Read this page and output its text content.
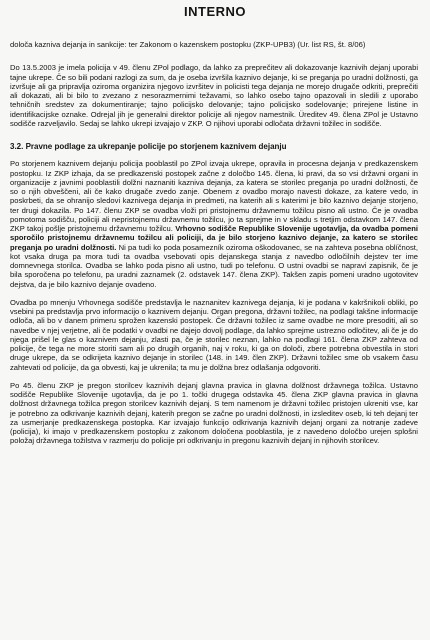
INTERNO

določa kaznivа dejanja in sankcije: ter Zakonom o kazenskem postopku (ZKP-UPB3) (Ur. list RS, št. 8/06)

Do 13.5.2003 je imela policija v 49. členu ZPol podlago, da lahko za preprečitev ali dokazovanje kaznivih dejanj uporabi tajne ukrepe. Če so bili podani razlogi za sum, da je oseba izvršila kaznivo dejanje, ki se preganja po uradni dolžnosti, ga izvršuje ali ga pripravlja oziroma organizira njegovo izvršitev in policisti tega dejanja ne morejo drugače odkriti, preprečiti ali dokazati, ali bi bilo to zvezano z nesorazmernimi težavami, so lahko osebo tajno opazovali in sledili z uporabo tehničnih sredstev za dokumentiranje; tajno policijsko delovanje; tajno policijsko sodelovanje; prirejene listine in identifikacijske oznake. Odrejal jih je generalni direktor policije ali njegov namestnik. Üreditev 49. člena ZPol je Ustavno sodišče razveljavilo. Sedaj se lahko ukrepi izvajajo v ZKP. O njihovi uporabi odločata državni tožilec in sodišče.

3.2. Pravne podlage za ukrepanje policije po storjenem kaznivem dejanju

Po storjenem kaznivem dejanju policija pooblastil po ZPol izvaja ukrepe, opravila in procesna dejanja v predkazenskem postopku. Iz ZKP izhaja, da se predkazenski postopek začne z določbo 145. člena, ki pravi, da so vsi državni organi in organizacije z javnimi pooblastili dolžni naznaniti kazniva dejanja, za katera se storilec preganja po uradni dolžnosti, če so o njih obveščeni, ali če kako drugače zvedo zanje. Obenem z ovadbo morajo navesti dokaze, za katere vedo, in poskrbeti, da se ohranijo sledovi kaznivega dejanja in predmeti, na katerih ali s katerimi je bilo kaznivo dejanje storjeno, ter drugi dokazila. Po 147. členu ZKP se ovadba vloži pri pristojnemu državnemu tožilcu pisno ali ustno. Če je ovadba pomotoma sodišču, policiji ali nepristojnemu državnemu tožilcu, jo ta sprejme in v skladu s tretjim odstavkom 147. člena ZKP takoj pošlje pristojnemu državnemu tožilcu. Vrhovno sodišče Republike Slovenije ugotavlja, da ovadba pomeni sporočilo pristojnemu državnemu tožilcu ali policiji, da je bilo storjeno kaznivo dejanje, za katero se storilec preganja po uradni dolžnosti. Ni pa tudi ko poda posamezník oziroma oškodovanec, se na zahteva posebna oblíčnost, kot vsaka druga pa mora tudi ta ovadba vsebovati opis dejanskega stanja z navedbo odločilnih dejstev ter ime domnevnega storilca. Ovadba se lahko poda pisno ali ustno, tudi po telefonu. O ustni ovadbi se napravi zapisnik, če je bila sporočena po telefonu, pa uradni zaznamek (2. odstavek 147. člena ZKP). Takšen zapis pomeni uradno ugotovitev dejstva, da je bilo kaznivo dejanje ovadeno.

Ovadba po mnenju Vrhovnega sodišče predstavlja le naznanitev kaznivega dejanja, ki je podana v kakršnikoli obliki, po vsebini pa predstavlja prvo informacijo o kaznivem dejanju. Organ pregona, državni tožilec, na podlagi takšne informacije odloča, ali bo v danem primeru sprožen kazenski postopek. Če državni tožilec iz same ovadbe ne more presoditi, ali so navedbe v njej verjetne, ali če podatki v ovadbi ne dajejo dovolj podlage, da lahko sprejme ustrezno odločitev, ali če je do njega prišel le glas o kaznivem dejanju, zlasti pa, če je storilec neznan, lahko na podlagi 161. člena ZKP zahteva od policije, če tega ne more storiti sam ali po drugih organih, naj v roku, ki ga on določi, zbere potrebna obvestila in stori druge ukrepe, da se odkrijeta kaznivo dejanje in storilec (148. in 149. člen ZKP). Državni tožilec sme ob vsakem času zahtevati od policije, da ga obvesti, kaj je ukrenila; ta mu je dolžna brez odlašanja odgovoriti.

Po 45. členu ZKP je pregon storilcev kaznivih dejanj glavna pravica in glavna dolžnost državnega tožilca. Ustavno sodišče Republike Slovenije ugotavlja, da je po 1. točki drugega odstavka 45. člena ZKP glavna pravica in glavna dolžnost državnega tožilca pregon storilcev kaznivih dejanj. S tem namenom je državni tožilec pristojen ukreniti vse, kar je potrebno za odkrivanje kaznivih dejanj, katerih pregon se začne po uradni dolžnosti, in izsleditev oseb, ki teh dejanj ter za usmerjanje predkazenskega postopka. Kar izvajajo funkcijo odkrivanja kaznivih dejanj organi za notranje zadeve (policija), ki imajo v predkazenskem postopku z zakonom določena pooblastila, je z navedeno določbo urejen splošni položaj državnega tožilstva v razmerju do policije pri odkrivanju in pregonu kaznivih dejanj in njihovih storilcev.
